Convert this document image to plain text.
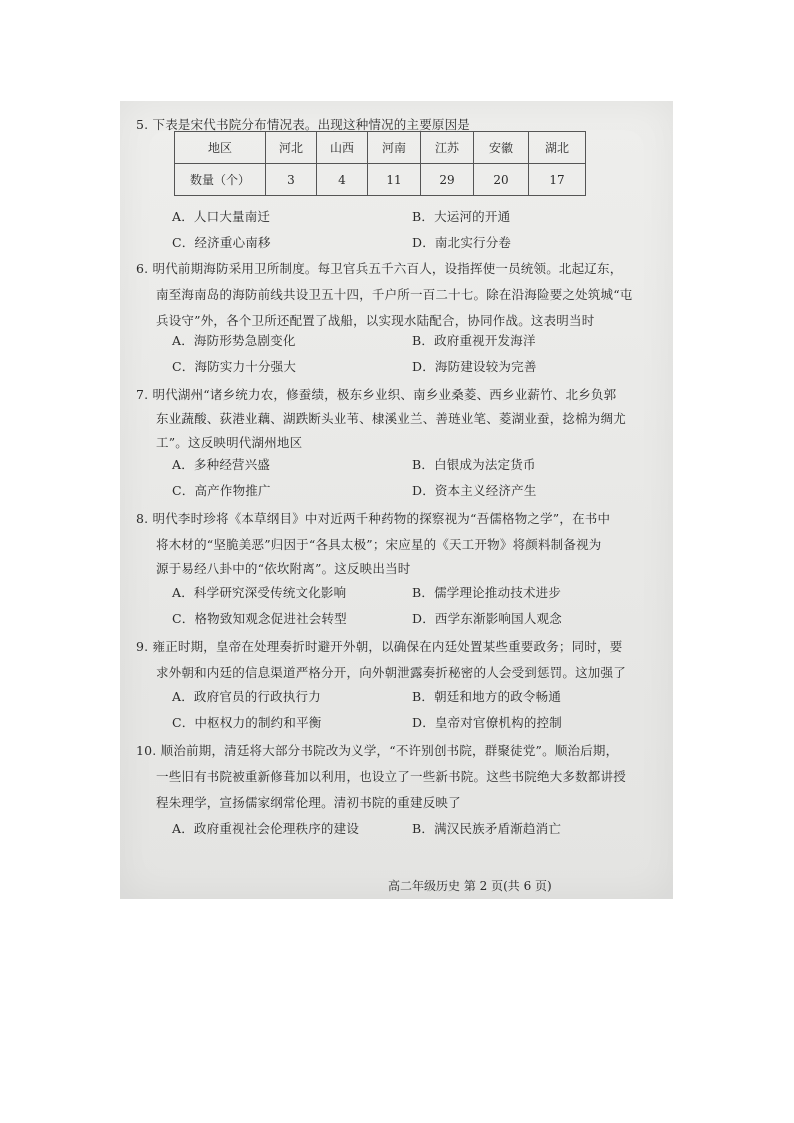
5. 下表是宋代书院分布情况表。出现这种情况的主要原因是
地区	河北	山西	河南	江苏	安徽	湖北
数量（个）	3	4	11	29	20	17
A．人口大量南迁	B．大运河的开通
C．经济重心南移	D．南北实行分卷
6. 明代前期海防采用卫所制度。每卫官兵五千六百人，设指挥使一员统领。北起辽东，
南至海南岛的海防前线共设卫五十四，千户所一百二十七。除在沿海险要之处筑城“屯
兵设守”外，各个卫所还配置了战船，以实现水陆配合，协同作战。这表明当时
A．海防形势急剧变化	B．政府重视开发海洋
C．海防实力十分强大	D．海防建设较为完善
7. 明代湖州“诸乡统力农，修蚕绩，极东乡业织、南乡业桑菱、西乡业薪竹、北乡负郭
东业蔬酸、荻港业藕、湖跌断头业苇、棣溪业兰、善琏业笔、菱湖业蚕，捻棉为绸尤
工”。这反映明代湖州地区
A．多种经营兴盛	B．白银成为法定货币
C．高产作物推广	D．资本主义经济产生
8. 明代李时珍将《本草纲目》中对近两千种药物的探察视为“吾儒格物之学”，在书中
将木材的“坚脆美恶”归因于“各具太极”；宋应星的《天工开物》将颜料制备视为
源于易经八卦中的“依坎附离”。这反映出当时
A．科学研究深受传统文化影响	B．儒学理论推动技术进步
C．格物致知观念促进社会转型	D．西学东渐影响国人观念
9. 雍正时期，皇帝在处理奏折时避开外朝，以确保在内廷处置某些重要政务；同时，要
求外朝和内廷的信息渠道严格分开，向外朝泄露奏折秘密的人会受到惩罚。这加强了
A．政府官员的行政执行力	B．朝廷和地方的政令畅通
C．中枢权力的制约和平衡	D．皇帝对官僚机构的控制
10. 顺治前期，清廷将大部分书院改为义学，“不许别创书院，群聚徒党”。顺治后期，
一些旧有书院被重新修葺加以利用，也设立了一些新书院。这些书院绝大多数都讲授
程朱理学，宣扬儒家纲常伦理。清初书院的重建反映了
A．政府重视社会伦理秩序的建设	B．满汉民族矛盾渐趋消亡
高二年级历史 第 2 页(共 6 页)
